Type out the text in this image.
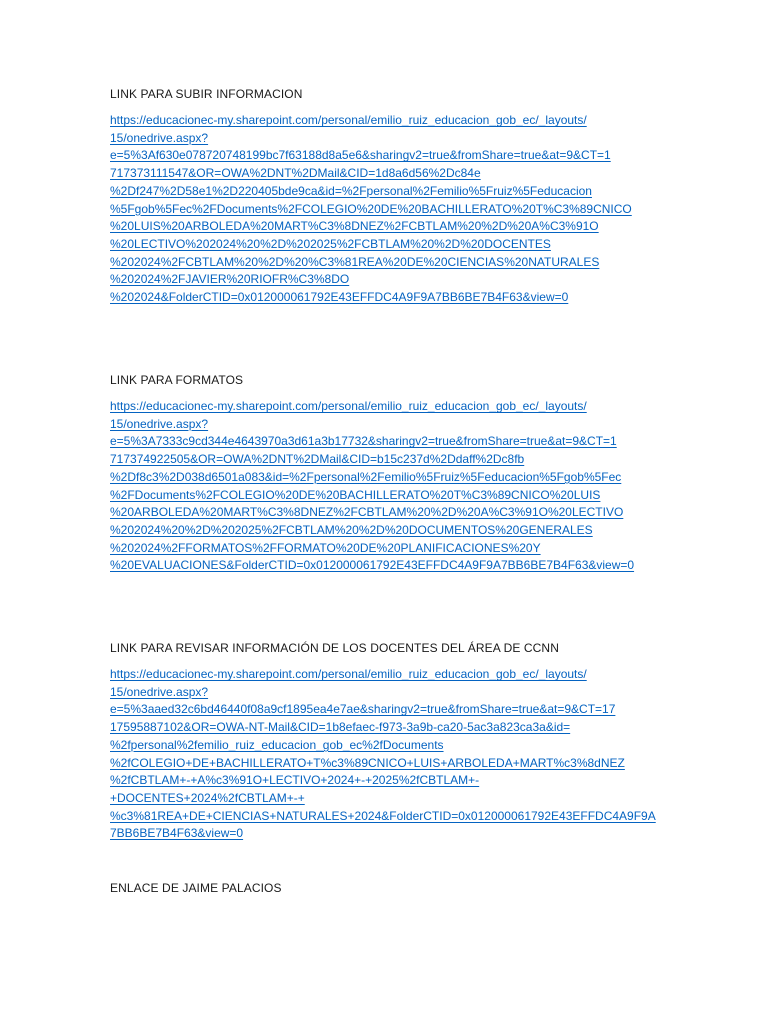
LINK PARA SUBIR INFORMACION
https://educacionec-my.sharepoint.com/personal/emilio_ruiz_educacion_gob_ec/_layouts/
15/onedrive.aspx?
e=5%3Af630e078720748199bc7f63188d8a5e6&sharingv2=true&fromShare=true&at=9&CT=1
717373111547&OR=OWA%2DNT%2DMail&CID=1d8a6d56%2Dc84e
%2Df247%2D58e1%2D220405bde9ca&id=%2Fpersonal%2Femilio%5Fruiz%5Feducacion
%5Fgob%5Fec%2FDocuments%2FCOLEGIO%20DE%20BACHILLERATO%20T%C3%89CNICO
%20LUIS%20ARBOLEDA%20MART%C3%8DNEZ%2FCBTLAM%20%2D%20A%C3%91O
%20LECTIVO%202024%20%2D%202025%2FCBTLAM%20%2D%20DOCENTES
%202024%2FCBTLAM%20%2D%20%C3%81REA%20DE%20CIENCIAS%20NATURALES
%202024%2FJAVIER%20RIOFR%C3%8DO
%202024&FolderCTID=0x012000061792E43EFFDC4A9F9A7BB6BE7B4F63&view=0
LINK PARA FORMATOS
https://educacionec-my.sharepoint.com/personal/emilio_ruiz_educacion_gob_ec/_layouts/
15/onedrive.aspx?
e=5%3A7333c9cd344e4643970a3d61a3b17732&sharingv2=true&fromShare=true&at=9&CT=1
717374922505&OR=OWA%2DNT%2DMail&CID=b15c237d%2Ddaff%2Dc8fb
%2Df8c3%2D038d6501a083&id=%2Fpersonal%2Femilio%5Fruiz%5Feducacion%5Fgob%5Fec
%2FDocuments%2FCOLEGIO%20DE%20BACHILLERATO%20T%C3%89CNICO%20LUIS
%20ARBOLEDA%20MART%C3%8DNEZ%2FCBTLAM%20%2D%20A%C3%91O%20LECTIVO
%202024%20%2D%202025%2FCBTLAM%20%2D%20DOCUMENTOS%20GENERALES
%202024%2FFORMATOS%2FFORMATO%20DE%20PLANIFICACIONES%20Y
%20EVALUACIONES&FolderCTID=0x012000061792E43EFFDC4A9F9A7BB6BE7B4F63&view=0
LINK PARA REVISAR INFORMACIÓN DE LOS DOCENTES DEL ÁREA DE CCNN
https://educacionec-my.sharepoint.com/personal/emilio_ruiz_educacion_gob_ec/_layouts/
15/onedrive.aspx?
e=5%3aaed32c6bd46440f08a9cf1895ea4e7ae&sharingv2=true&fromShare=true&at=9&CT=17
17595887102&OR=OWA-NT-Mail&CID=1b8efaec-f973-3a9b-ca20-5ac3a823ca3a&id=
%2fpersonal%2femilio_ruiz_educacion_gob_ec%2fDocuments
%2fCOLEGIO+DE+BACHILLERATO+T%c3%89CNICO+LUIS+ARBOLEDA+MART%c3%8dNEZ
%2fCBTLAM+-+A%c3%91O+LECTIVO+2024+-+2025%2fCBTLAM+-
+DOCENTES+2024%2fCBTLAM+-+
%c3%81REA+DE+CIENCIAS+NATURALES+2024&FolderCTID=0x012000061792E43EFFDC4A9F9A
7BB6BE7B4F63&view=0
ENLACE DE JAIME PALACIOS
